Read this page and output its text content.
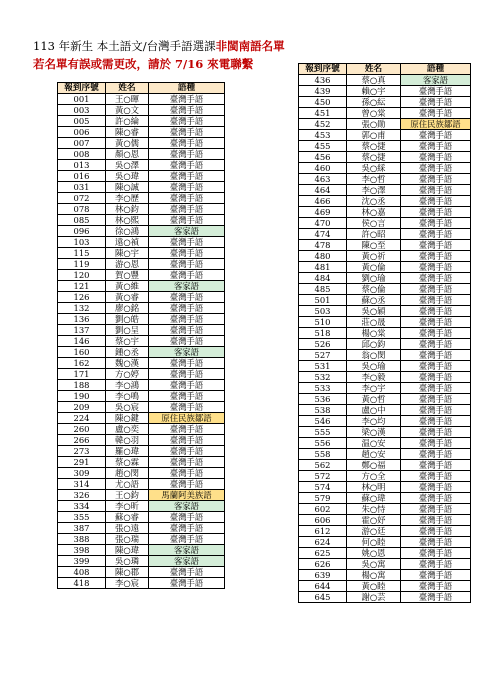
113 年新生 本土語文/台灣手語選課非閩南語名單
若名單有誤或需更改，請於 7/16 來電聯繫
報到序號	姓名	語種
001	王○暉	臺灣手語
003	黃○文	臺灣手語
005	許○綸	臺灣手語
006	陳○睿	臺灣手語
007	黃○儒	臺灣手語
008	顏○恩	臺灣手語
013	吳○澤	臺灣手語
016	吳○瑋	臺灣手語
031	陳○誠	臺灣手語
072	李○歷	臺灣手語
078	林○鈞	臺灣手語
085	林○熙	臺灣手語
096	徐○鴻	客家語
103	遠○禎	臺灣手語
115	陳○宇	臺灣手語
119	游○恩	臺灣手語
120	賀○豐	臺灣手語
121	黃○維	客家語
126	黃○睿	臺灣手語
132	廖○銘	臺灣手語
136	劉○皓	臺灣手語
137	劉○呈	臺灣手語
146	蔡○宇	臺灣手語
160	鍾○丞	客家語
162	魏○漢	臺灣手語
171	方○婷	臺灣手語
188	李○鴻	臺灣手語
190	李○鳴	臺灣手語
209	吳○宸	臺灣手語
224	陳○鍵	原住民族鄒語
260	盧○奕	臺灣手語
266	韓○羽	臺灣手語
273	羅○瑋	臺灣手語
291	蔡○霖	臺灣手語
309	趙○閔	臺灣手語
314	尤○語	臺灣手語
326	王○鈞	馬蘭阿美族語
334	李○昕	客家語
355	蘇○睿	臺灣手語
387	張○遠	臺灣手語
388	張○瑞	臺灣手語
398	陳○瑋	客家語
399	吳○璘	客家語
408	陳○郡	臺灣手語
418	李○宸	臺灣手語
報到序號	姓名	語種
436	蔡○真	客家語
439	賴○宇	臺灣手語
450	孫○紜	臺灣手語
451	曾○棠	臺灣手語
452	張○勛	原住民族鄒語
453	郭○甫	臺灣手語
455	蔡○捷	臺灣手語
456	蔡○捷	臺灣手語
460	吳○綵	臺灣手語
463	李○哲	臺灣手語
464	李○澤	臺灣手語
466	沈○丞	臺灣手語
469	林○嘉	臺灣手語
470	侯○言	臺灣手語
474	許○昭	臺灣手語
478	陳○至	臺灣手語
480	黃○祈	臺灣手語
481	黃○倫	臺灣手語
484	劉○瑜	臺灣手語
485	蔡○倫	臺灣手語
501	蘇○丞	臺灣手語
503	吳○穎	臺灣手語
510	莊○晟	臺灣手語
518	楊○棠	臺灣手語
526	邱○鈞	臺灣手語
527	翁○閔	臺灣手語
531	吳○瑜	臺灣手語
532	李○毅	臺灣手語
533	李○宇	臺灣手語
536	黃○哲	臺灣手語
538	盧○中	臺灣手語
546	李○均	臺灣手語
555	梁○漢	臺灣手語
556	温○安	臺灣手語
558	趙○安	臺灣手語
562	鄭○福	臺灣手語
572	方○全	臺灣手語
574	林○明	臺灣手語
579	蘇○瑋	臺灣手語
602	朱○恃	臺灣手語
606	霍○妤	臺灣手語
612	游○廷	臺灣手語
624	何○睦	臺灣手語
625	姚○恩	臺灣手語
626	吳○寓	臺灣手語
639	楊○寓	臺灣手語
644	黃○睦	臺灣手語
645	謝○芸	臺灣手語
